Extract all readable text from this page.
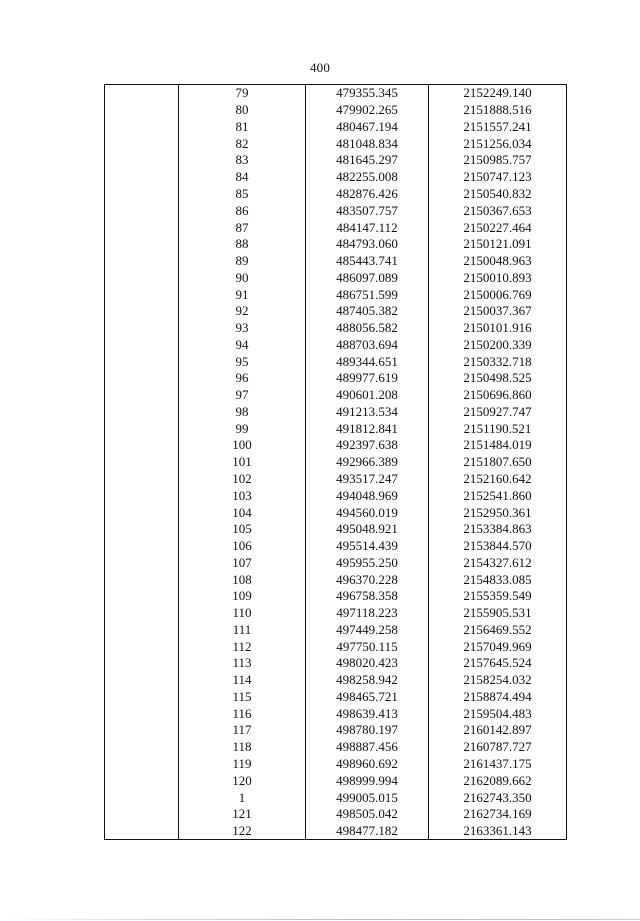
400
	79	479355.345	2152249.140
	80	479902.265	2151888.516
	81	480467.194	2151557.241
	82	481048.834	2151256.034
	83	481645.297	2150985.757
	84	482255.008	2150747.123
	85	482876.426	2150540.832
	86	483507.757	2150367.653
	87	484147.112	2150227.464
	88	484793.060	2150121.091
	89	485443.741	2150048.963
	90	486097.089	2150010.893
	91	486751.599	2150006.769
	92	487405.382	2150037.367
	93	488056.582	2150101.916
	94	488703.694	2150200.339
	95	489344.651	2150332.718
	96	489977.619	2150498.525
	97	490601.208	2150696.860
	98	491213.534	2150927.747
	99	491812.841	2151190.521
	100	492397.638	2151484.019
	101	492966.389	2151807.650
	102	493517.247	2152160.642
	103	494048.969	2152541.860
	104	494560.019	2152950.361
	105	495048.921	2153384.863
	106	495514.439	2153844.570
	107	495955.250	2154327.612
	108	496370.228	2154833.085
	109	496758.358	2155359.549
	110	497118.223	2155905.531
	111	497449.258	2156469.552
	112	497750.115	2157049.969
	113	498020.423	2157645.524
	114	498258.942	2158254.032
	115	498465.721	2158874.494
	116	498639.413	2159504.483
	117	498780.197	2160142.897
	118	498887.456	2160787.727
	119	498960.692	2161437.175
	120	498999.994	2162089.662
	1	499005.015	2162743.350
	121	498505.042	2162734.169
	122	498477.182	2163361.143
